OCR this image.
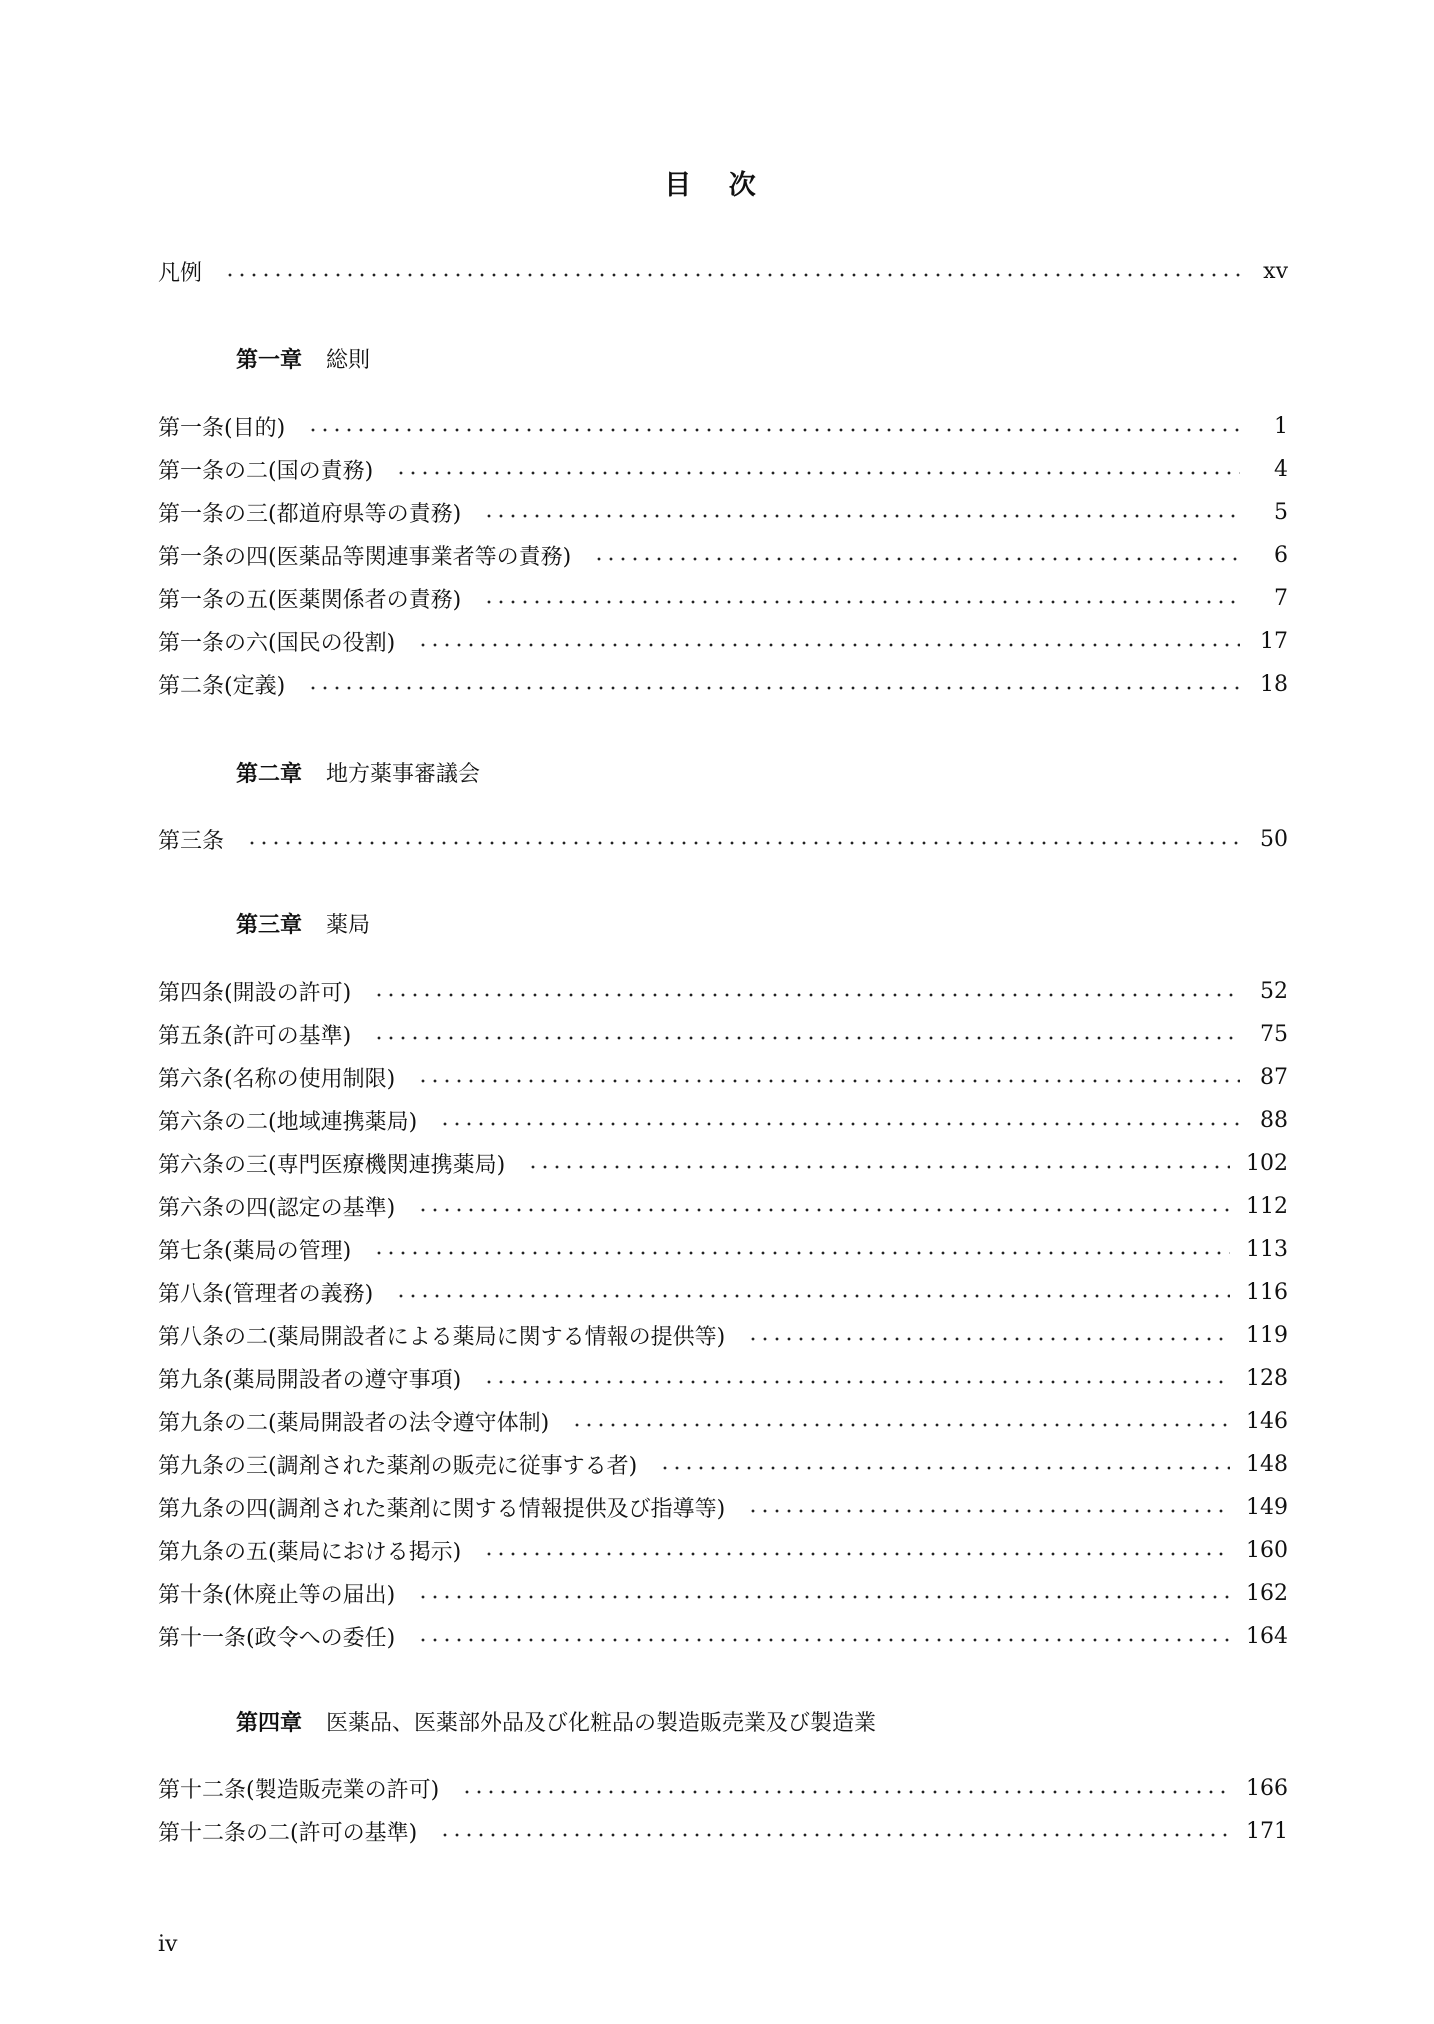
目 次
凡例	xv
第一章 総則
第一条(目的)	1
第一条の二(国の責務)	4
第一条の三(都道府県等の責務)	5
第一条の四(医薬品等関連事業者等の責務)	6
第一条の五(医薬関係者の責務)	7
第一条の六(国民の役割)	17
第二条(定義)	18
第二章 地方薬事審議会
第三条	50
第三章 薬局
第四条(開設の許可)	52
第五条(許可の基準)	75
第六条(名称の使用制限)	87
第六条の二(地域連携薬局)	88
第六条の三(専門医療機関連携薬局)	102
第六条の四(認定の基準)	112
第七条(薬局の管理)	113
第八条(管理者の義務)	116
第八条の二(薬局開設者による薬局に関する情報の提供等)	119
第九条(薬局開設者の遵守事項)	128
第九条の二(薬局開設者の法令遵守体制)	146
第九条の三(調剤された薬剤の販売に従事する者)	148
第九条の四(調剤された薬剤に関する情報提供及び指導等)	149
第九条の五(薬局における掲示)	160
第十条(休廃止等の届出)	162
第十一条(政令への委任)	164
第四章 医薬品、医薬部外品及び化粧品の製造販売業及び製造業
第十二条(製造販売業の許可)	166
第十二条の二(許可の基準)	171
iv
